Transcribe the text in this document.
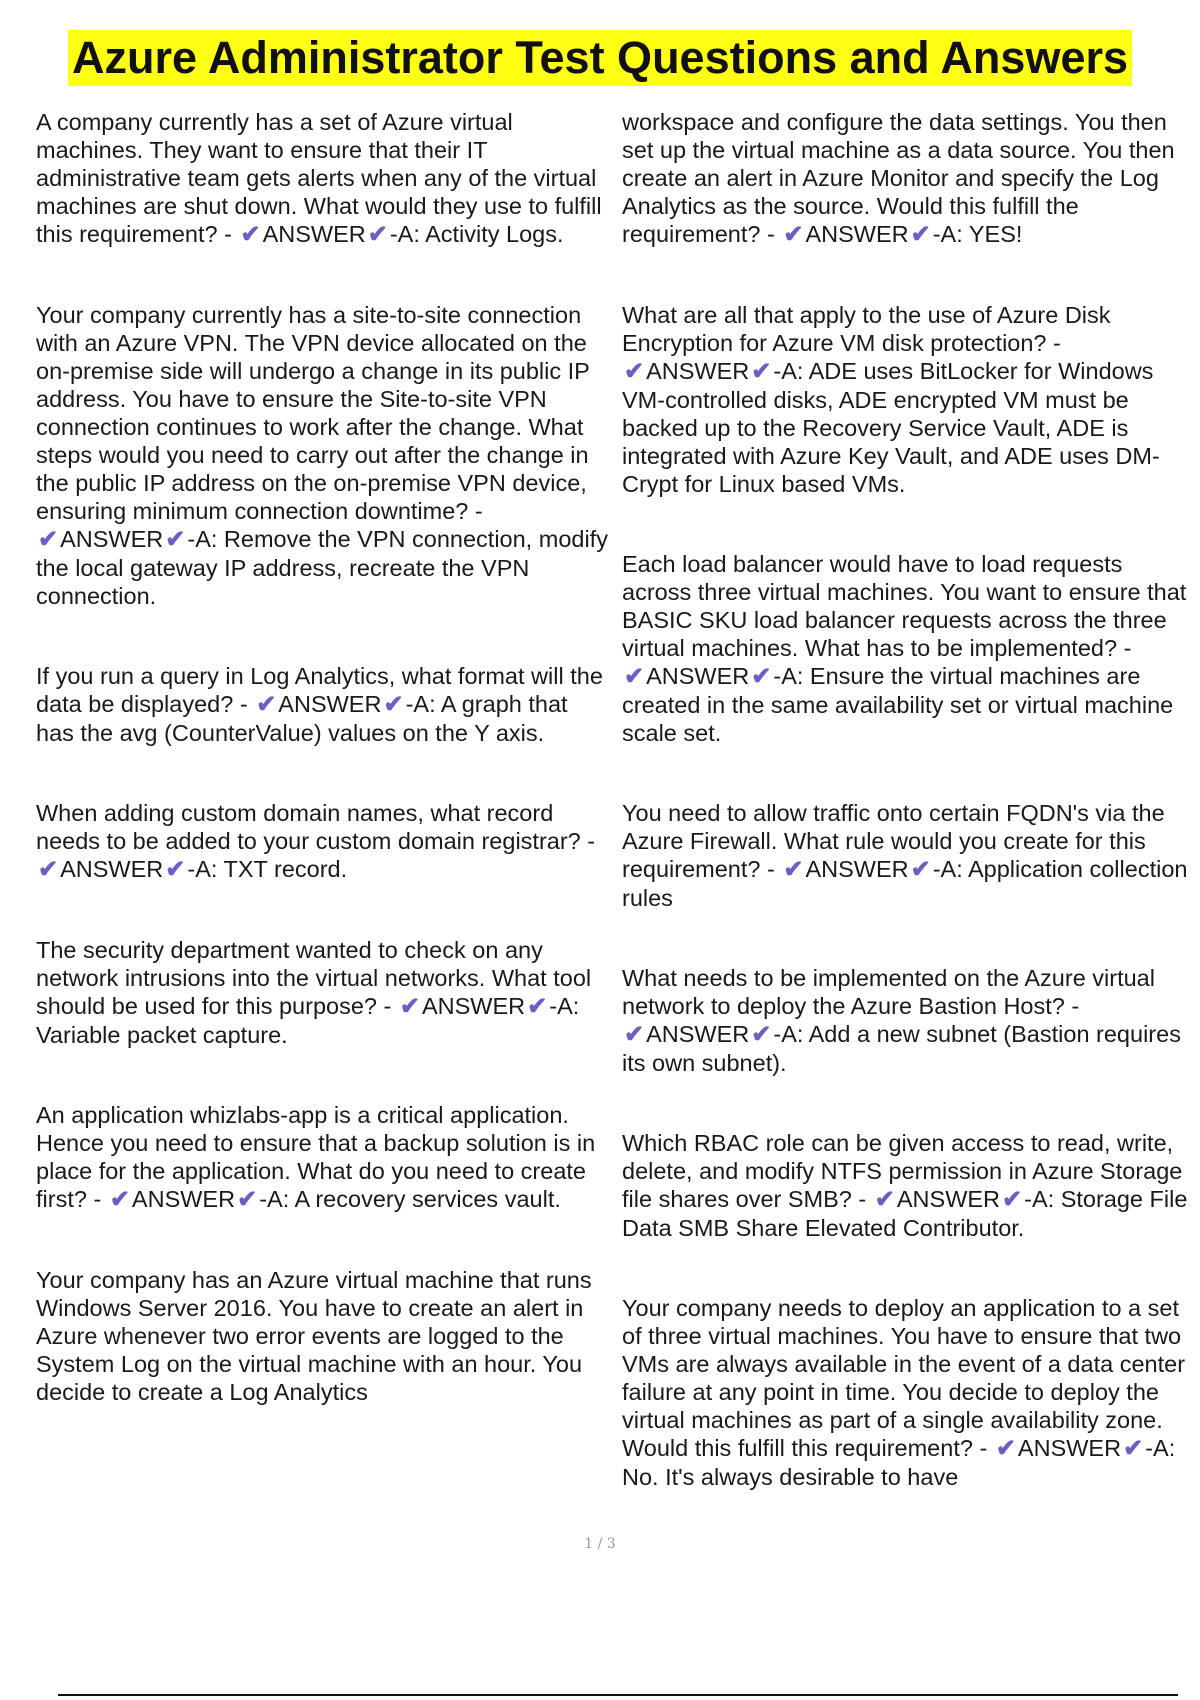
Azure Administrator Test Questions and Answers

A company currently has a set of Azure virtual machines. They want to ensure that their IT administrative team gets alerts when any of the virtual machines are shut down. What would they use to fulfill this requirement? - ✔ANSWER✔-A: Activity Logs.

Your company currently has a site-to-site connection with an Azure VPN. The VPN device allocated on the on-premise side will undergo a change in its public IP address. You have to ensure the Site-to-site VPN connection continues to work after the change. What steps would you need to carry out after the change in the public IP address on the on-premise VPN device, ensuring minimum connection downtime? - ✔ANSWER✔-A: Remove the VPN connection, modify the local gateway IP address, recreate the VPN connection.

If you run a query in Log Analytics, what format will the data be displayed? - ✔ANSWER✔-A: A graph that has the avg (CounterValue) values on the Y axis.

When adding custom domain names, what record needs to be added to your custom domain registrar? - ✔ANSWER✔-A: TXT record.

The security department wanted to check on any network intrusions into the virtual networks. What tool should be used for this purpose? - ✔ANSWER✔-A: Variable packet capture.

An application whizlabs-app is a critical application. Hence you need to ensure that a backup solution is in place for the application. What do you need to create first? - ✔ANSWER✔-A: A recovery services vault.

Your company has an Azure virtual machine that runs Windows Server 2016. You have to create an alert in Azure whenever two error events are logged to the System Log on the virtual machine with an hour. You decide to create a Log Analytics

workspace and configure the data settings. You then set up the virtual machine as a data source. You then create an alert in Azure Monitor and specify the Log Analytics as the source. Would this fulfill the requirement? - ✔ANSWER✔-A: YES!

What are all that apply to the use of Azure Disk Encryption for Azure VM disk protection? - ✔ANSWER✔-A: ADE uses BitLocker for Windows VM-controlled disks, ADE encrypted VM must be backed up to the Recovery Service Vault, ADE is integrated with Azure Key Vault, and ADE uses DM-Crypt for Linux based VMs.

Each load balancer would have to load requests across three virtual machines. You want to ensure that BASIC SKU load balancer requests across the three virtual machines. What has to be implemented? - ✔ANSWER✔-A: Ensure the virtual machines are created in the same availability set or virtual machine scale set.

You need to allow traffic onto certain FQDN's via the Azure Firewall. What rule would you create for this requirement? - ✔ANSWER✔-A: Application collection rules

What needs to be implemented on the Azure virtual network to deploy the Azure Bastion Host? - ✔ANSWER✔-A: Add a new subnet (Bastion requires its own subnet).

Which RBAC role can be given access to read, write, delete, and modify NTFS permission in Azure Storage file shares over SMB? - ✔ANSWER✔-A: Storage File Data SMB Share Elevated Contributor.

Your company needs to deploy an application to a set of three virtual machines. You have to ensure that two VMs are always available in the event of a data center failure at any point in time. You decide to deploy the virtual machines as part of a single availability zone. Would this fulfill this requirement? - ✔ANSWER✔-A: No. It's always desirable to have

1 / 3
